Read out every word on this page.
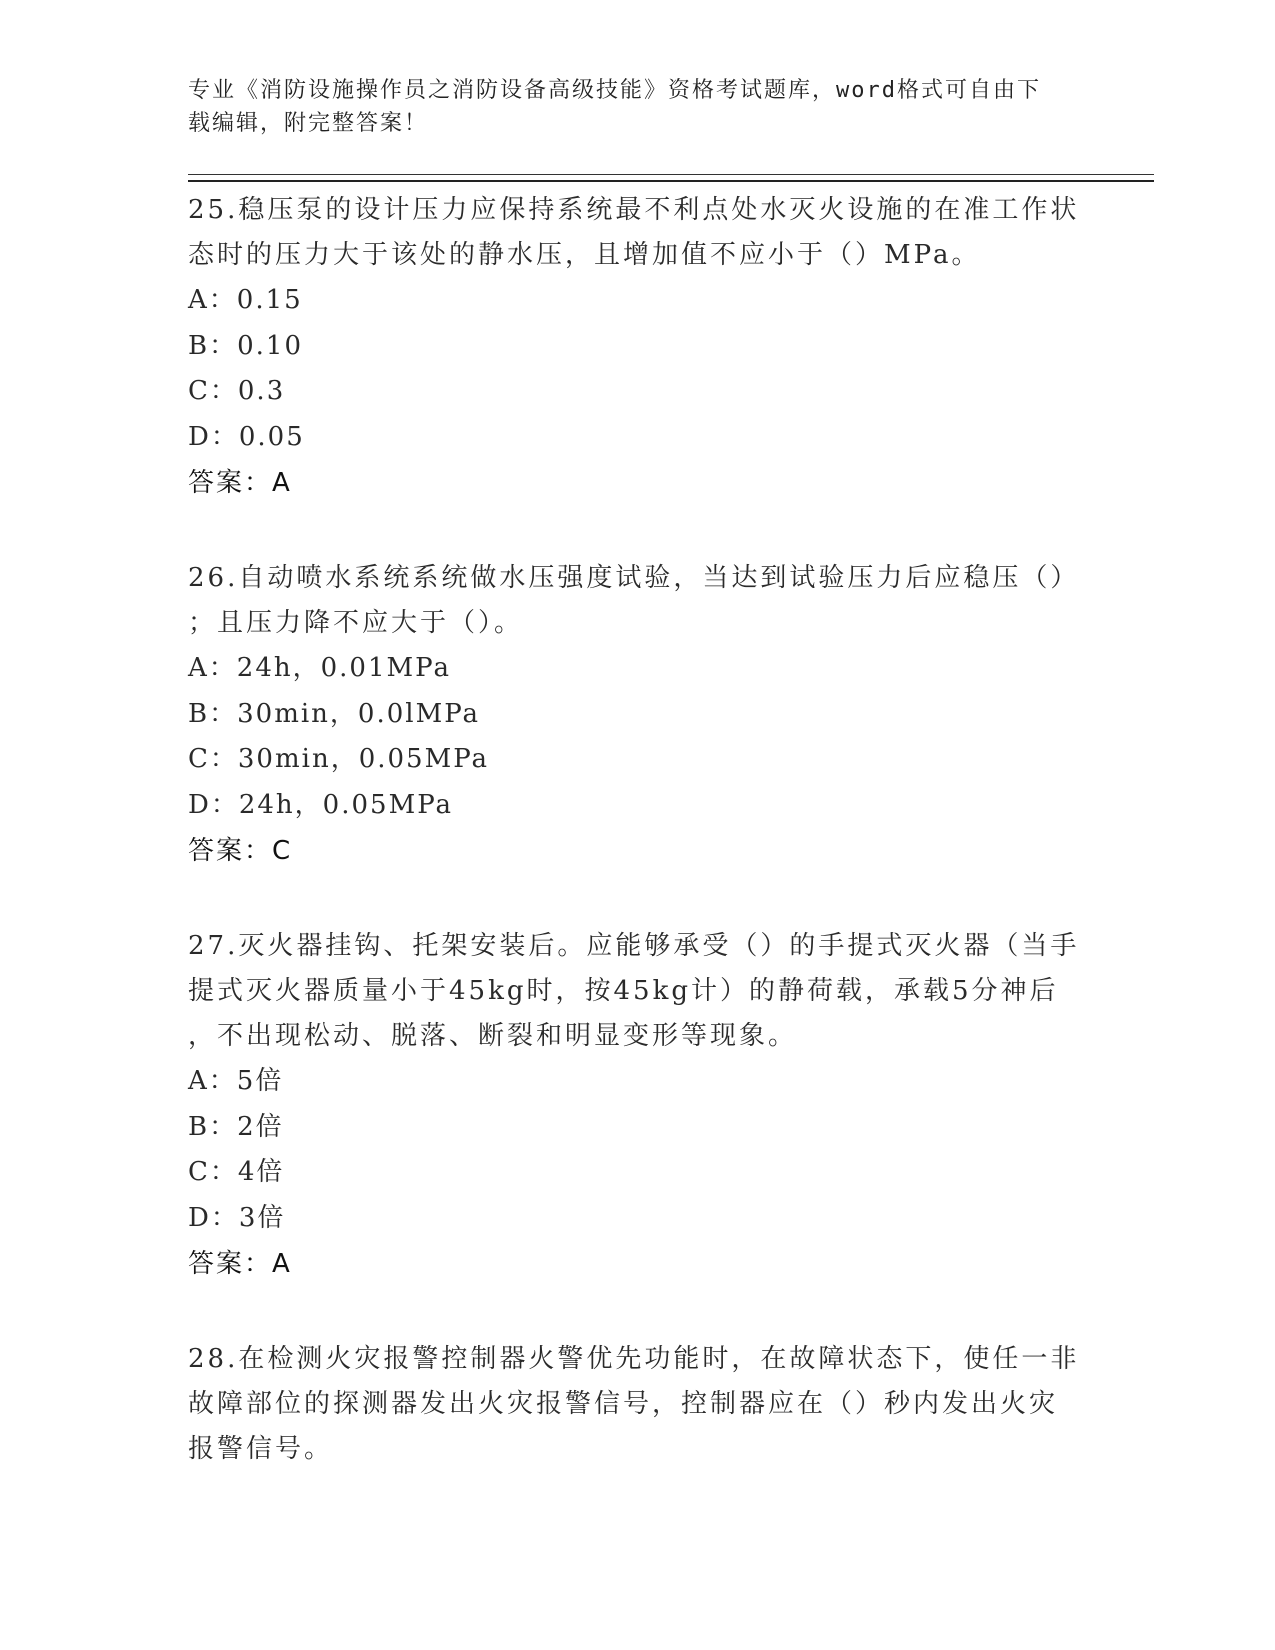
专业《消防设施操作员之消防设备高级技能》资格考试题库，word格式可自由下
载编辑，附完整答案！
25.稳压泵的设计压力应保持系统最不利点处水灭火设施的在准工作状
态时的压力大于该处的静水压，且增加值不应小于（）MPa。
A：0.15
B：0.10
C：0.3
D：0.05
答案：A
26.自动喷水系统系统做水压强度试验，当达到试验压力后应稳压（）
；且压力降不应大于（）。
A：24h，0.01MPa
B：30min，0.0lMPa
C：30min，0.05MPa
D：24h，0.05MPa
答案：C
27.灭火器挂钩、托架安装后。应能够承受（）的手提式灭火器（当手
提式灭火器质量小于45kg时，按45kg计）的静荷载，承载5分神后
，不出现松动、脱落、断裂和明显变形等现象。
A：5倍
B：2倍
C：4倍
D：3倍
答案：A
28.在检测火灾报警控制器火警优先功能时，在故障状态下，使任一非
故障部位的探测器发出火灾报警信号，控制器应在（）秒内发出火灾
报警信号。
